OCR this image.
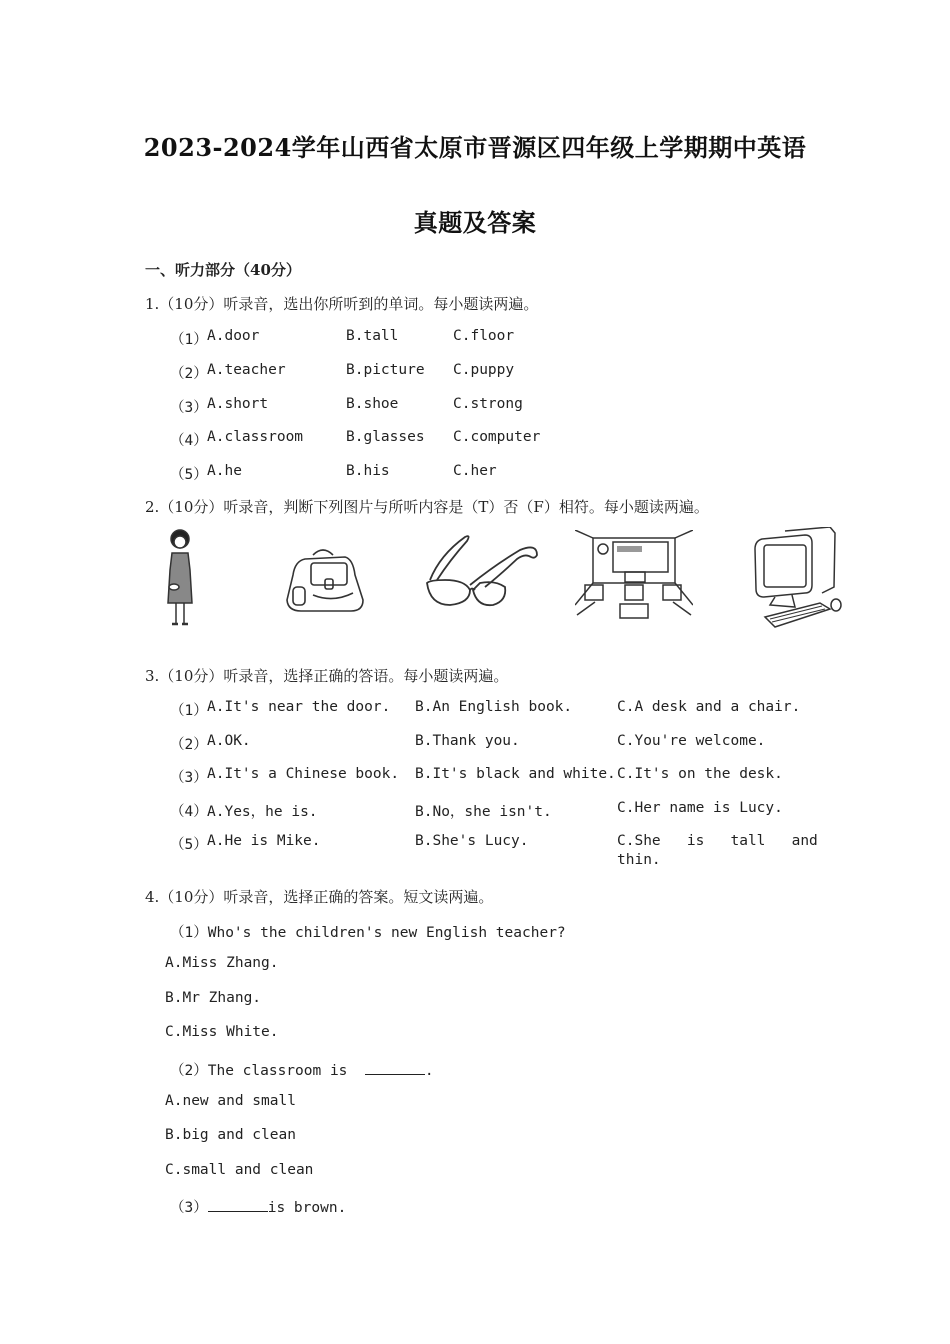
2023-2024学年山西省太原市晋源区四年级上学期期中英语
真题及答案
一、听力部分（40分）
1.（10分）听录音，选出你所听到的单词。每小题读两遍。
（1） A.door	B.tall	C.floor
（2） A.teacher	B.picture C.puppy
（3） A.short	B.shoe	C.strong
（4） A.classroom	B.glasses C.computer
（5） A.he	B.his	C.her
2.（10分）听录音，判断下列图片与所听内容是（T）否（F）相符。每小题读两遍。
3.（10分）听录音，选择正确的答语。每小题读两遍。
（1） A.It's near the door. B.An English book.	C.A desk and a chair.
（2） A.OK.	B.Thank you.	C.You're welcome.
（3） A.It's a Chinese book. B.It's black and white. C.It's on the desk.
（4） A.Yes，he is.	B.No，she isn't.	C.Her name is Lucy.
（5） A.He is Mike.	B.She's Lucy.	C.She   is   tall   and
thin.
4.（10分）听录音，选择正确的答案。短文读两遍。
（1）Who's the children's new English teacher?
A.Miss Zhang.
B.Mr Zhang.
C.Miss White.
（2）The classroom is	.
A.new and small
B.big and clean
C.small and clean
（3）	is brown.
